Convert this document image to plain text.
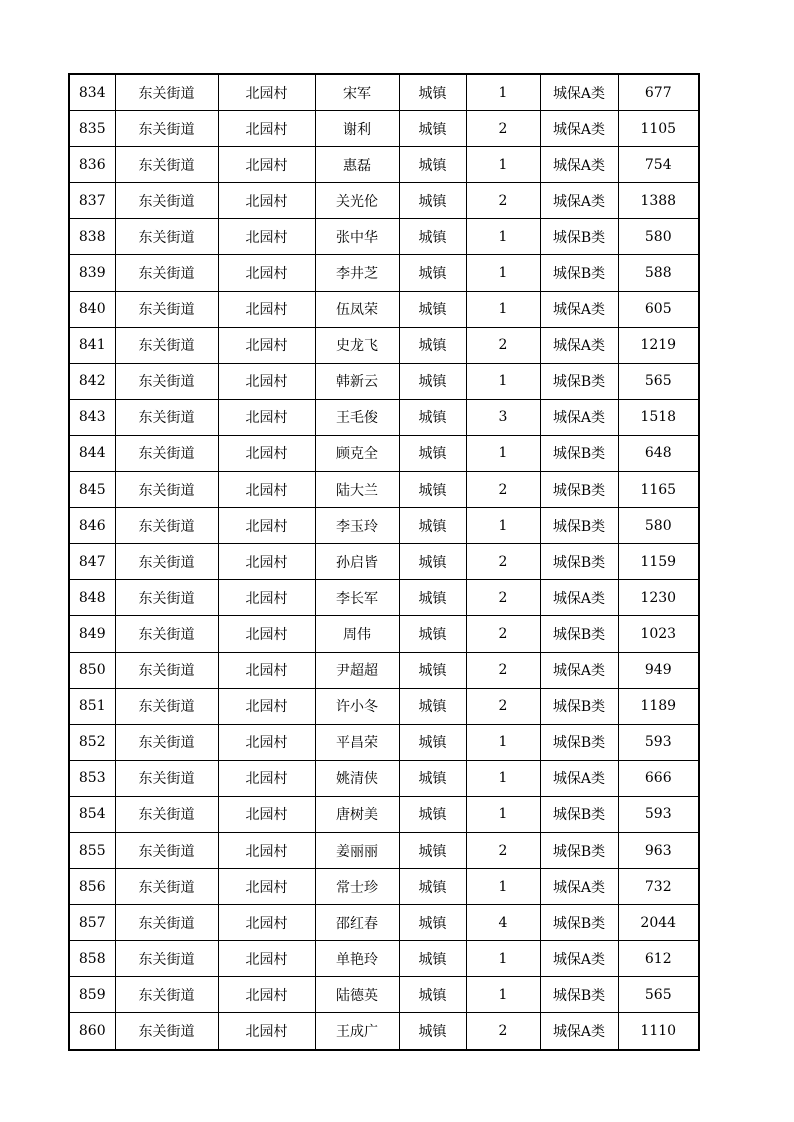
834	东关街道	北园村	宋军	城镇	1	城保A类	677
835	东关街道	北园村	谢利	城镇	2	城保A类	1105
836	东关街道	北园村	惠磊	城镇	1	城保A类	754
837	东关街道	北园村	关光伦	城镇	2	城保A类	1388
838	东关街道	北园村	张中华	城镇	1	城保B类	580
839	东关街道	北园村	李井芝	城镇	1	城保B类	588
840	东关街道	北园村	伍凤荣	城镇	1	城保A类	605
841	东关街道	北园村	史龙飞	城镇	2	城保A类	1219
842	东关街道	北园村	韩新云	城镇	1	城保B类	565
843	东关街道	北园村	王毛俊	城镇	3	城保A类	1518
844	东关街道	北园村	顾克全	城镇	1	城保B类	648
845	东关街道	北园村	陆大兰	城镇	2	城保B类	1165
846	东关街道	北园村	李玉玲	城镇	1	城保B类	580
847	东关街道	北园村	孙启皆	城镇	2	城保B类	1159
848	东关街道	北园村	李长军	城镇	2	城保A类	1230
849	东关街道	北园村	周伟	城镇	2	城保B类	1023
850	东关街道	北园村	尹超超	城镇	2	城保A类	949
851	东关街道	北园村	许小冬	城镇	2	城保B类	1189
852	东关街道	北园村	平昌荣	城镇	1	城保B类	593
853	东关街道	北园村	姚清侠	城镇	1	城保A类	666
854	东关街道	北园村	唐树美	城镇	1	城保B类	593
855	东关街道	北园村	姜丽丽	城镇	2	城保B类	963
856	东关街道	北园村	常士珍	城镇	1	城保A类	732
857	东关街道	北园村	邵红春	城镇	4	城保B类	2044
858	东关街道	北园村	单艳玲	城镇	1	城保A类	612
859	东关街道	北园村	陆德英	城镇	1	城保B类	565
860	东关街道	北园村	王成广	城镇	2	城保A类	1110
